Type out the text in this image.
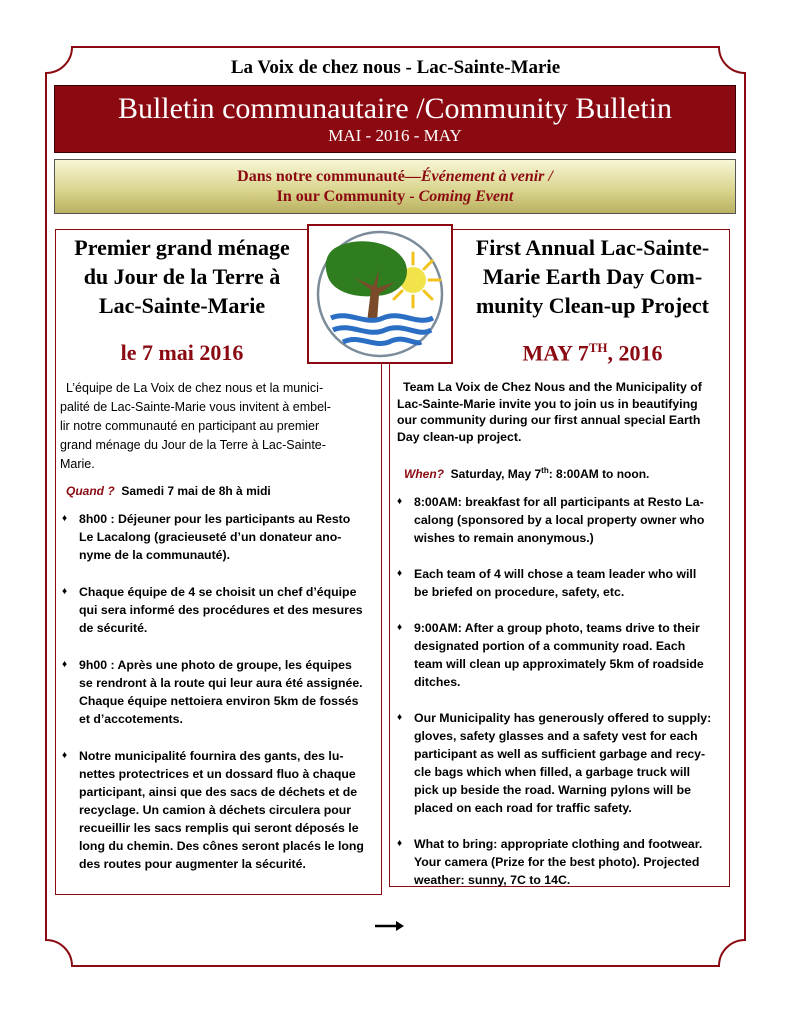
La Voix de chez nous - Lac-Sainte-Marie
Bulletin communautaire /Community Bulletin
MAI - 2016 - MAY
Dans notre communauté—Événement à venir /
In our Community - Coming Event
Premier grand ménage
du Jour de la Terre à
Lac-Sainte-Marie
le 7 mai 2016
L’équipe de La Voix de chez nous et la munici-
palité de Lac-Sainte-Marie vous invitent à embel-
lir notre communauté en participant au premier
grand ménage du Jour de la Terre à Lac-Sainte-
Marie.
Quand ? Samedi 7 mai de 8h à midi
♦ 8h00 : Déjeuner pour les participants au Resto
Le Lacalong (gracieuseté d’un donateur ano-
nyme de la communauté).
♦ Chaque équipe de 4 se choisit un chef d’équipe
qui sera informé des procédures et des mesures
de sécurité.
♦ 9h00 : Après une photo de groupe, les équipes
se rendront à la route qui leur aura été assignée.
Chaque équipe nettoiera environ 5km de fossés
et d’accotements.
♦ Notre municipalité fournira des gants, des lu-
nettes protectrices et un dossard fluo à chaque
participant, ainsi que des sacs de déchets et de
recyclage. Un camion à déchets circulera pour
recueillir les sacs remplis qui seront déposés le
long du chemin. Des cônes seront placés le long
des routes pour augmenter la sécurité.
First Annual Lac-Sainte-
Marie Earth Day Com-
munity Clean-up Project
MAY 7TH, 2016
Team La Voix de Chez Nous and the Municipality of
Lac-Sainte-Marie invite you to join us in beautifying
our community during our first annual special Earth
Day clean-up project.
When? Saturday, May 7th: 8:00AM to noon.
♦ 8:00AM: breakfast for all participants at Resto La-
calong (sponsored by a local property owner who
wishes to remain anonymous.)
♦ Each team of 4 will chose a team leader who will
be briefed on procedure, safety, etc.
♦ 9:00AM: After a group photo, teams drive to their
designated portion of a community road. Each
team will clean up approximately 5km of roadside
ditches.
♦ Our Municipality has generously offered to supply:
gloves, safety glasses and a safety vest for each
participant as well as sufficient garbage and recy-
cle bags which when filled, a garbage truck will
pick up beside the road. Warning pylons will be
placed on each road for traffic safety.
♦ What to bring: appropriate clothing and footwear.
Your camera (Prize for the best photo). Projected
weather: sunny, 7C to 14C.
